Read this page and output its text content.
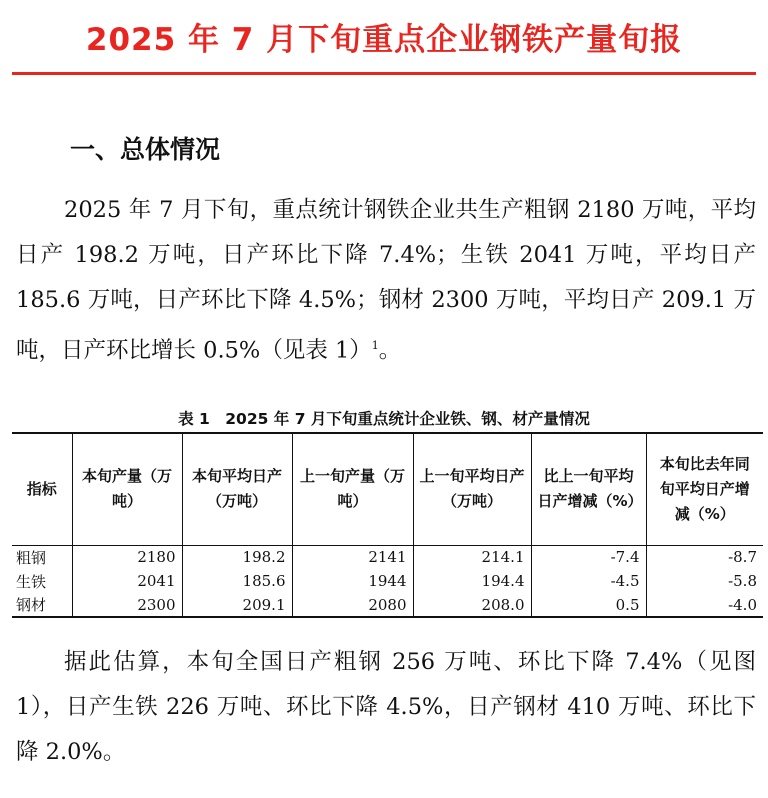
2025 年 7 月下旬重点企业钢铁产量旬报
一、总体情况

2025 年 7 月下旬，重点统计钢铁企业共生产粗钢 2180 万吨，平均日产 198.2 万吨，日产环比下降 7.4%；生铁 2041 万吨，平均日产 185.6 万吨，日产环比下降 4.5%；钢材 2300 万吨，平均日产 209.1 万吨，日产环比增长 0.5%（见表 1）$^1$。

表 1　2025 年 7 月下旬重点统计企业铁、钢、材产量情况
指标	本旬产量（万吨）	本旬平均日产（万吨）	上一旬产量（万吨）	上一旬平均日产（万吨）	比上一旬平均日产增减（%）	本旬比去年同旬平均日产增减（%）
粗钢	2180	198.2	2141	214.1	-7.4	-8.7
生铁	2041	185.6	1944	194.4	-4.5	-5.8
钢材	2300	209.1	2080	208.0	0.5	-4.0

据此估算，本旬全国日产粗钢 256 万吨、环比下降 7.4%（见图 1），日产生铁 226 万吨、环比下降 4.5%，日产钢材 410 万吨、环比下降 2.0%。
